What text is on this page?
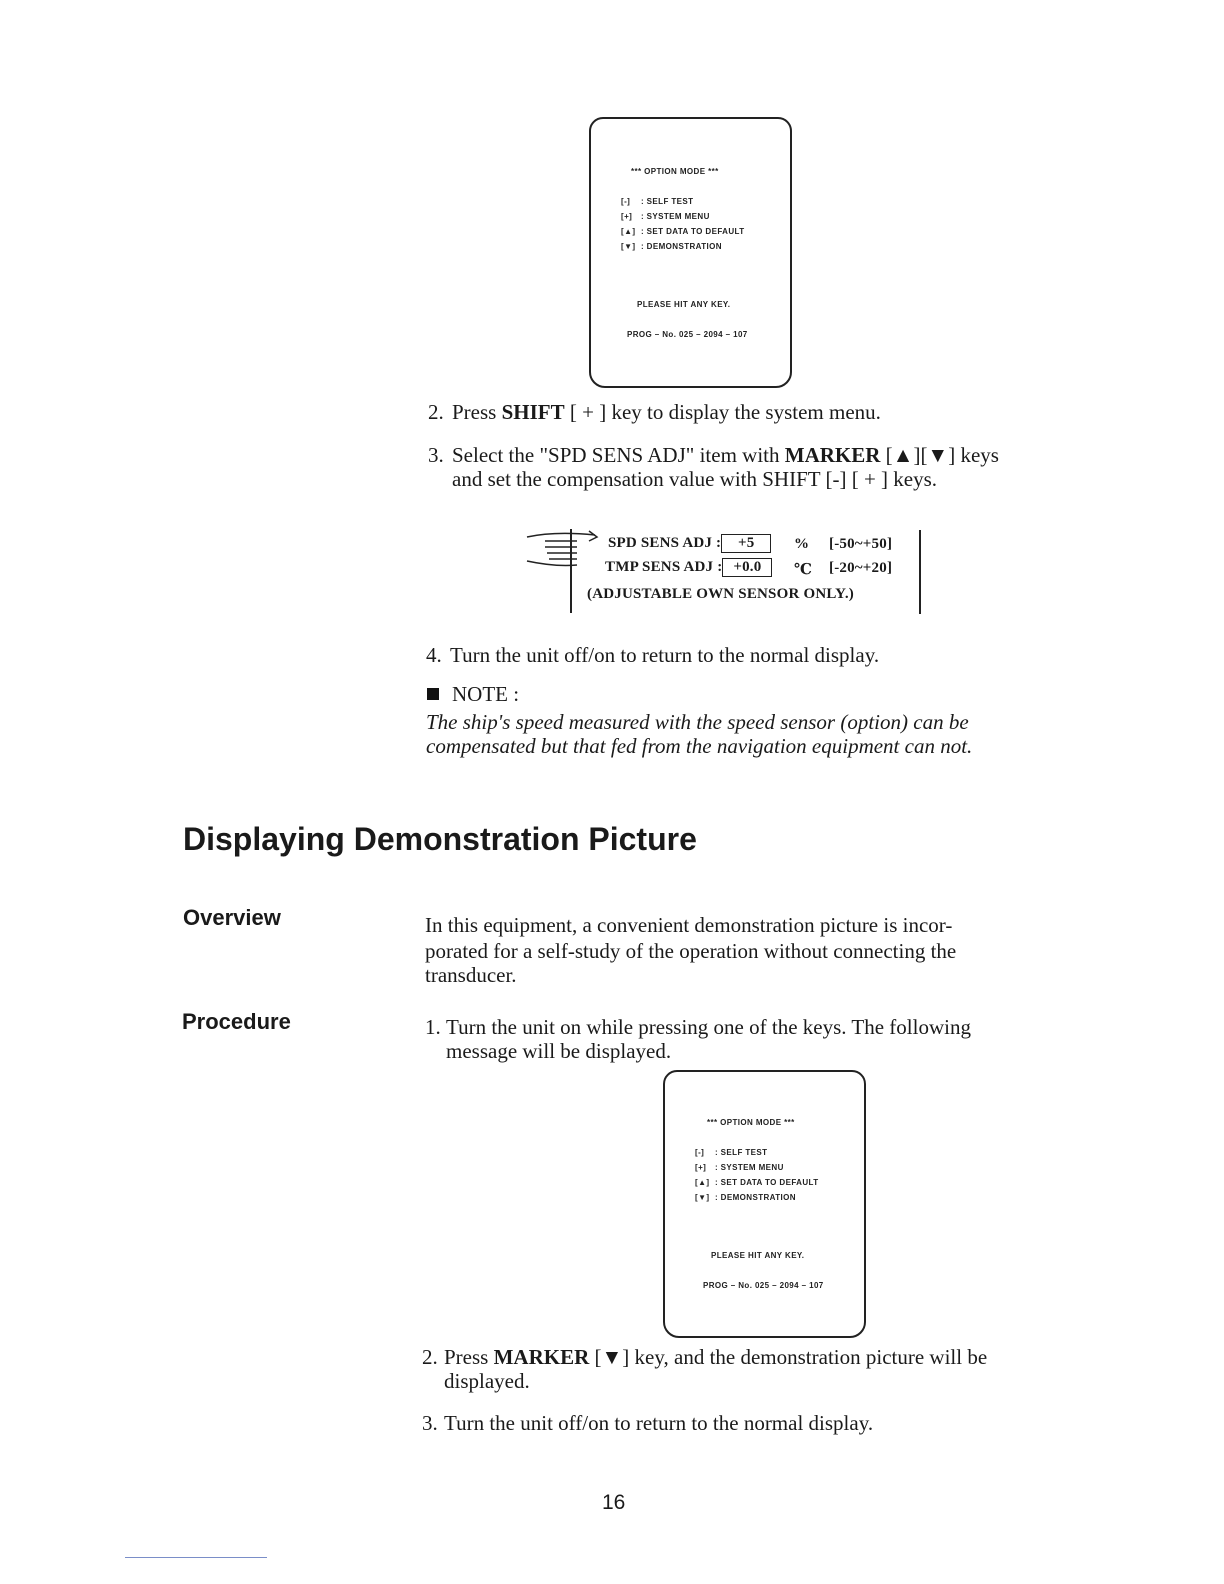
*** OPTION MODE ***
[-] : SELF TEST
[+] : SYSTEM MENU
[▲] : SET DATA TO DEFAULT
[▼] : DEMONSTRATION
PLEASE HIT ANY KEY.
PROG – No. 025 – 2094 – 107
2. Press SHIFT [ + ] key to display the system menu.
3. Select the "SPD SENS ADJ" item with MARKER [▲][▼] keys
and set the compensation value with SHIFT [-] [ + ] keys.
SPD SENS ADJ : +5	% [-50~+50]
TMP SENS ADJ : +0.0	℃ [-20~+20]
(ADJUSTABLE OWN SENSOR ONLY.)
4. Turn the unit off/on to return to the normal display.
NOTE :
The ship's speed measured with the speed sensor (option) can be
compensated but that fed from the navigation equipment can not.
Displaying Demonstration Picture
Overview	In this equipment, a convenient demonstration picture is incor-
porated for a self-study of the operation without connecting the
transducer.
Procedure	1. Turn the unit on while pressing one of the keys. The following
message will be displayed.
*** OPTION MODE ***
[-] : SELF TEST
[+] : SYSTEM MENU
[▲] : SET DATA TO DEFAULT
[▼] : DEMONSTRATION
PLEASE HIT ANY KEY.
PROG – No. 025 – 2094 – 107
2. Press MARKER [▼] key, and the demonstration picture will be
displayed.
3. Turn the unit off/on to return to the normal display.
16
